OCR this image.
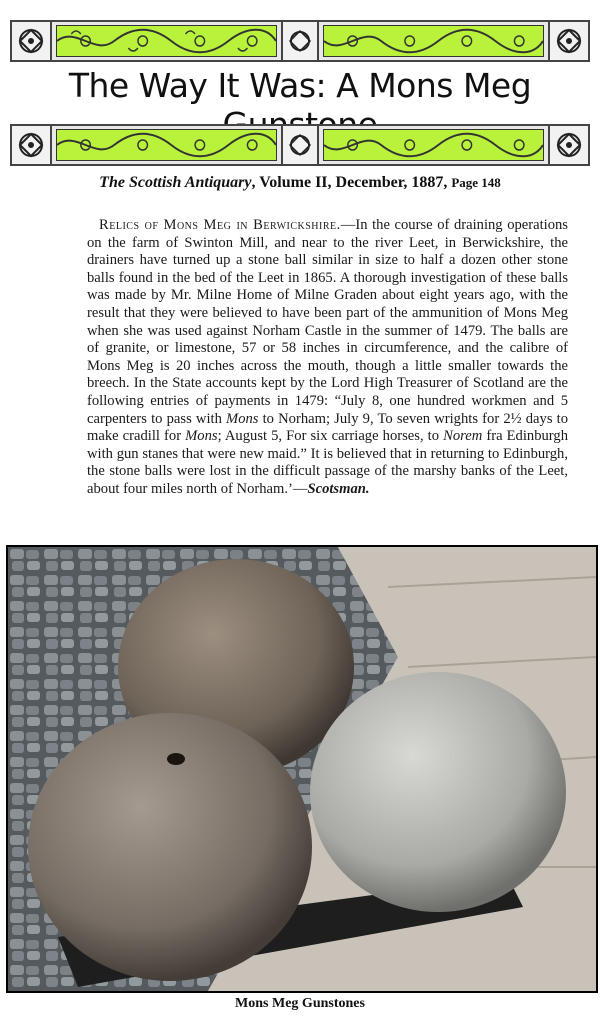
The Way It Was: A Mons Meg
The Scottish Antiquary, Volume II, December, 1887, Page 148

Relics of Mons Meg in Berwickshire.—In the course of draining operations on the farm of Swinton Mill, and near to the river Leet, in Berwickshire, the drainers have turned up a stone ball similar in size to half a dozen other stone balls found in the bed of the Leet in 1865. A thorough investigation of these balls was made by Mr. Milne Home of Milne Graden about eight years ago, with the result that they were believed to have been part of the ammunition of Mons Meg when she was used against Norham Castle in the summer of 1479. The balls are of granite, or limestone, 57 or 58 inches in circumference, and the calibre of Mons Meg is 20 inches across the mouth, though a little smaller towards the breech. In the State accounts kept by the Lord High Treasurer of Scotland are the following entries of payments in 1479: “July 8, one hundred workmen and 5 carpenters to pass with Mons to Norham; July 9, To seven wrights for 2½ days to make cradill for Mons; August 5, For six carriage horses, to Norem fra Edinburgh with gun stanes that were new maid.” It is believed that in returning to Edinburgh, the stone balls were lost in the difficult passage of the marshy banks of the Leet, about four miles north of Norham.’—Scotsman.

Mons Meg Gunstones
